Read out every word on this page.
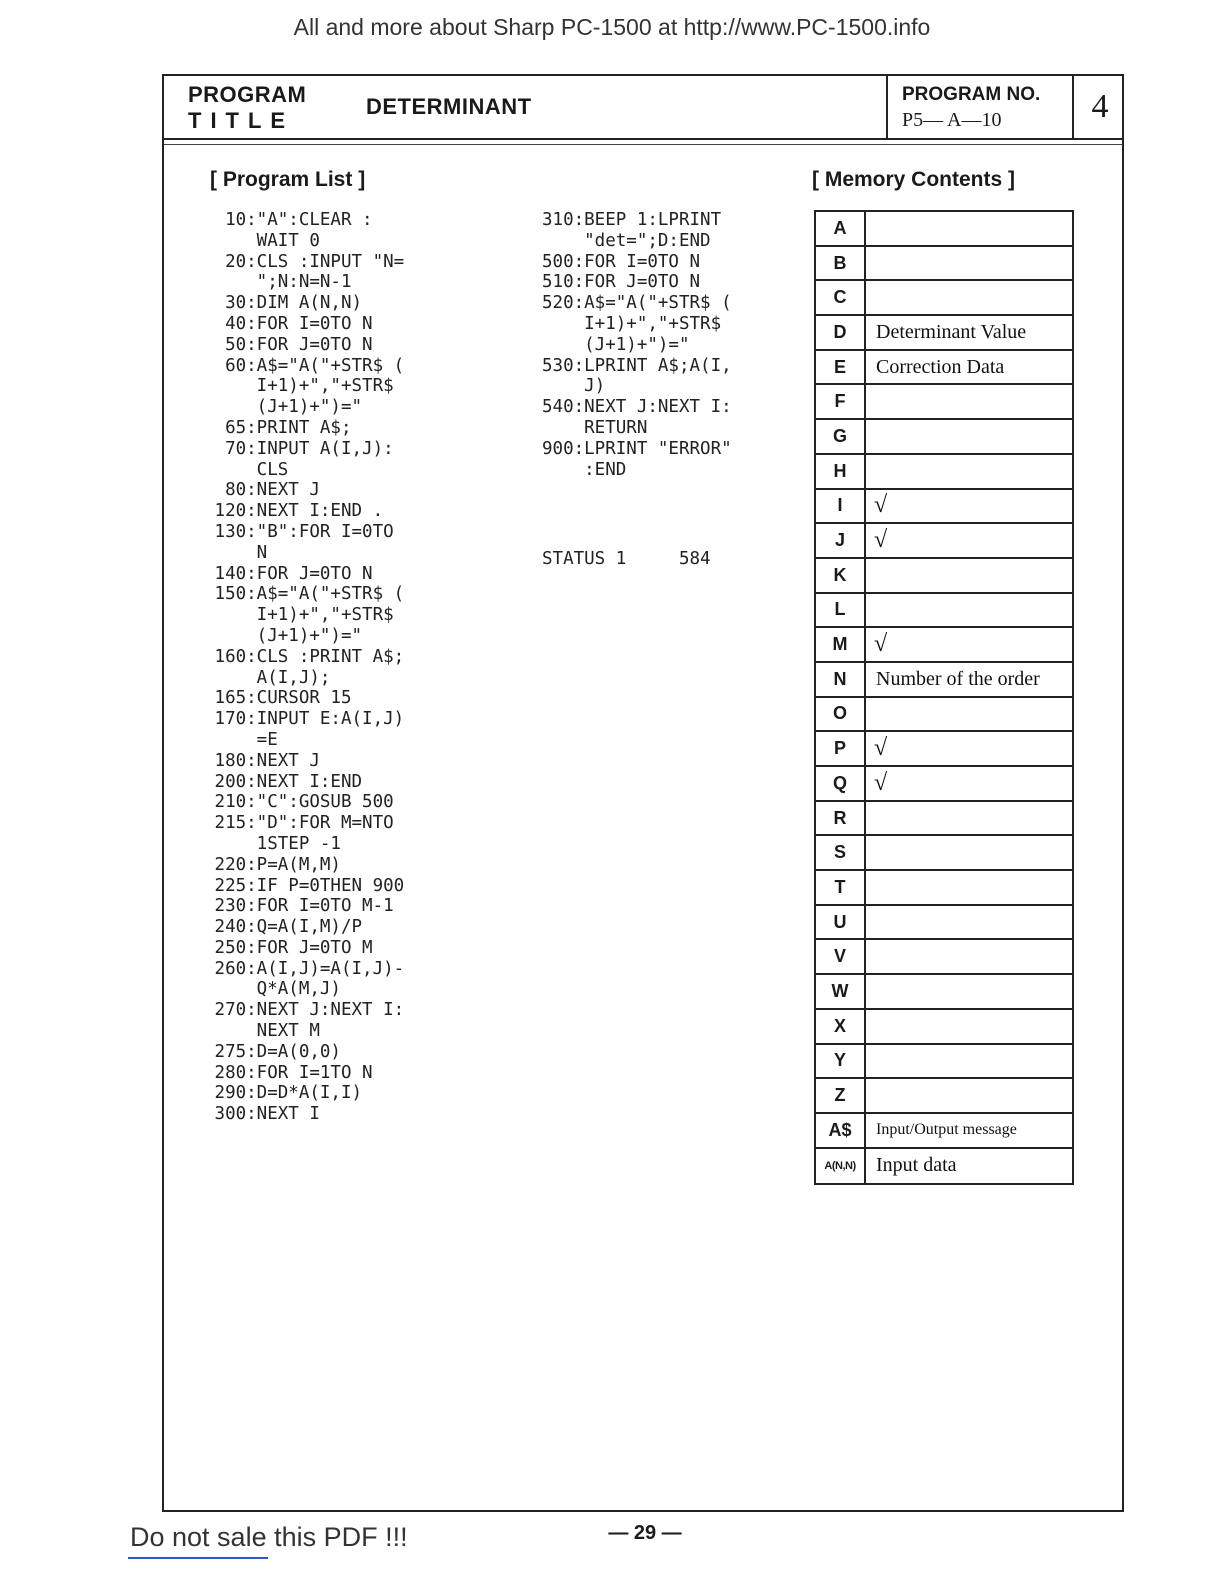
All and more about Sharp PC-1500 at http://www.PC-1500.info
PROGRAM
TITLE
DETERMINANT	PROGRAM NO.
P5— A—10	4
[ Program List ]
10:"A":CLEAR :
WAIT 0
20:CLS :INPUT "N=
";N:N=N-1
30:DIM A(N,N)
40:FOR I=0TO N
50:FOR J=0TO N
60:A$="A("+STR$ (
I+1)+","+STR$
(J+1)+")="
65:PRINT A$;
70:INPUT A(I,J):
CLS
80:NEXT J
120:NEXT I:END .
130:"B":FOR I=0TO
N
140:FOR J=0TO N
150:A$="A("+STR$ (
I+1)+","+STR$
(J+1)+")="
160:CLS :PRINT A$;
A(I,J);
165:CURSOR 15
170:INPUT E:A(I,J)
=E
180:NEXT J
200:NEXT I:END
210:"C":GOSUB 500
215:"D":FOR M=NTO
1STEP -1
220:P=A(M,M)
225:IF P=0THEN 900
230:FOR I=0TO M-1
240:Q=A(I,M)/P
250:FOR J=0TO M
260:A(I,J)=A(I,J)-
Q*A(M,J)
270:NEXT J:NEXT I:
NEXT M
275:D=A(0,0)
280:FOR I=1TO N
290:D=D*A(I,I)
300:NEXT I
310:BEEP 1:LPRINT
"det=";D:END
500:FOR I=0TO N
510:FOR J=0TO N
520:A$="A("+STR$ (
I+1)+","+STR$
(J+1)+")="
530:LPRINT A$;A(I,
J)
540:NEXT J:NEXT I:
RETURN
900:LPRINT "ERROR"
:END
STATUS 1     584
[ Memory Contents ]
A
B
C
D	Determinant Value
E	Correction Data
F
G
H
I	√
J	√
K
L
M	√
N	Number of the order
O
P	√
Q	√
R
S
T
U
V
W
X
Y
Z
A$	Input/Output message
A(N,N)	Input data
Do not sale this PDF !!!	— 29 —
